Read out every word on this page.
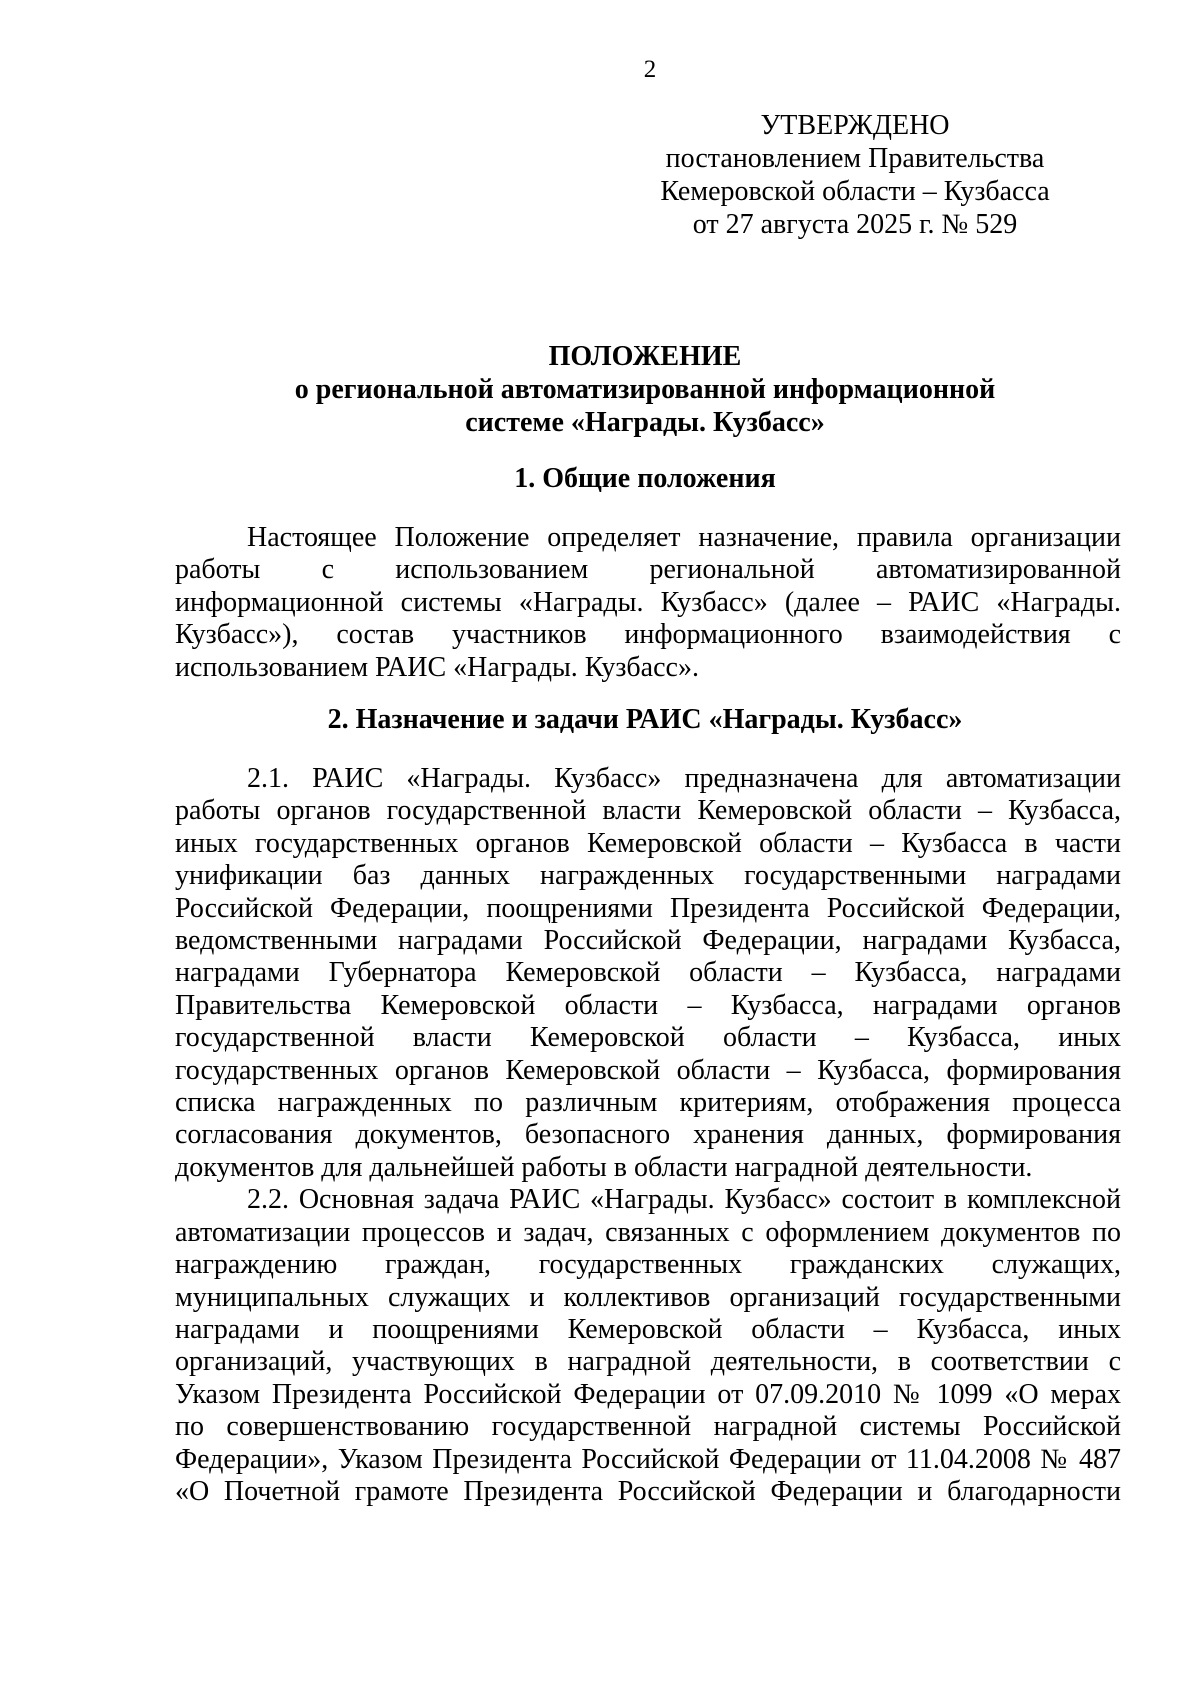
2
УТВЕРЖДЕНО
постановлением Правительства
Кемеровской области – Кузбасса
от 27 августа 2025 г. № 529
ПОЛОЖЕНИЕ
о региональной автоматизированной информационной
системе «Награды. Кузбасс»
1. Общие положения
Настоящее Положение определяет назначение, правила организации
работы с использованием региональной автоматизированной
информационной системы «Награды. Кузбасс» (далее – РАИС «Награды.
Кузбасс»), состав участников информационного взаимодействия с
использованием РАИС «Награды. Кузбасс».
2. Назначение и задачи РАИС «Награды. Кузбасс»
2.1. РАИС «Награды. Кузбасс» предназначена для автоматизации
работы органов государственной власти Кемеровской области – Кузбасса,
иных государственных органов Кемеровской области – Кузбасса в части
унификации баз данных награжденных государственными наградами
Российской Федерации, поощрениями Президента Российской Федерации,
ведомственными наградами Российской Федерации, наградами Кузбасса,
наградами Губернатора Кемеровской области – Кузбасса, наградами
Правительства Кемеровской области – Кузбасса, наградами органов
государственной власти Кемеровской области – Кузбасса, иных
государственных органов Кемеровской области – Кузбасса, формирования
списка награжденных по различным критериям, отображения процесса
согласования документов, безопасного хранения данных, формирования
документов для дальнейшей работы в области наградной деятельности.
2.2. Основная задача РАИС «Награды. Кузбасс» состоит в комплексной
автоматизации процессов и задач, связанных с оформлением документов по
награждению граждан, государственных гражданских служащих,
муниципальных служащих и коллективов организаций государственными
наградами и поощрениями Кемеровской области – Кузбасса, иных
организаций, участвующих в наградной деятельности, в соответствии с
Указом Президента Российской Федерации от 07.09.2010 № 1099 «О мерах
по совершенствованию государственной наградной системы Российской
Федерации», Указом Президента Российской Федерации от 11.04.2008 № 487
«О Почетной грамоте Президента Российской Федерации и благодарности
